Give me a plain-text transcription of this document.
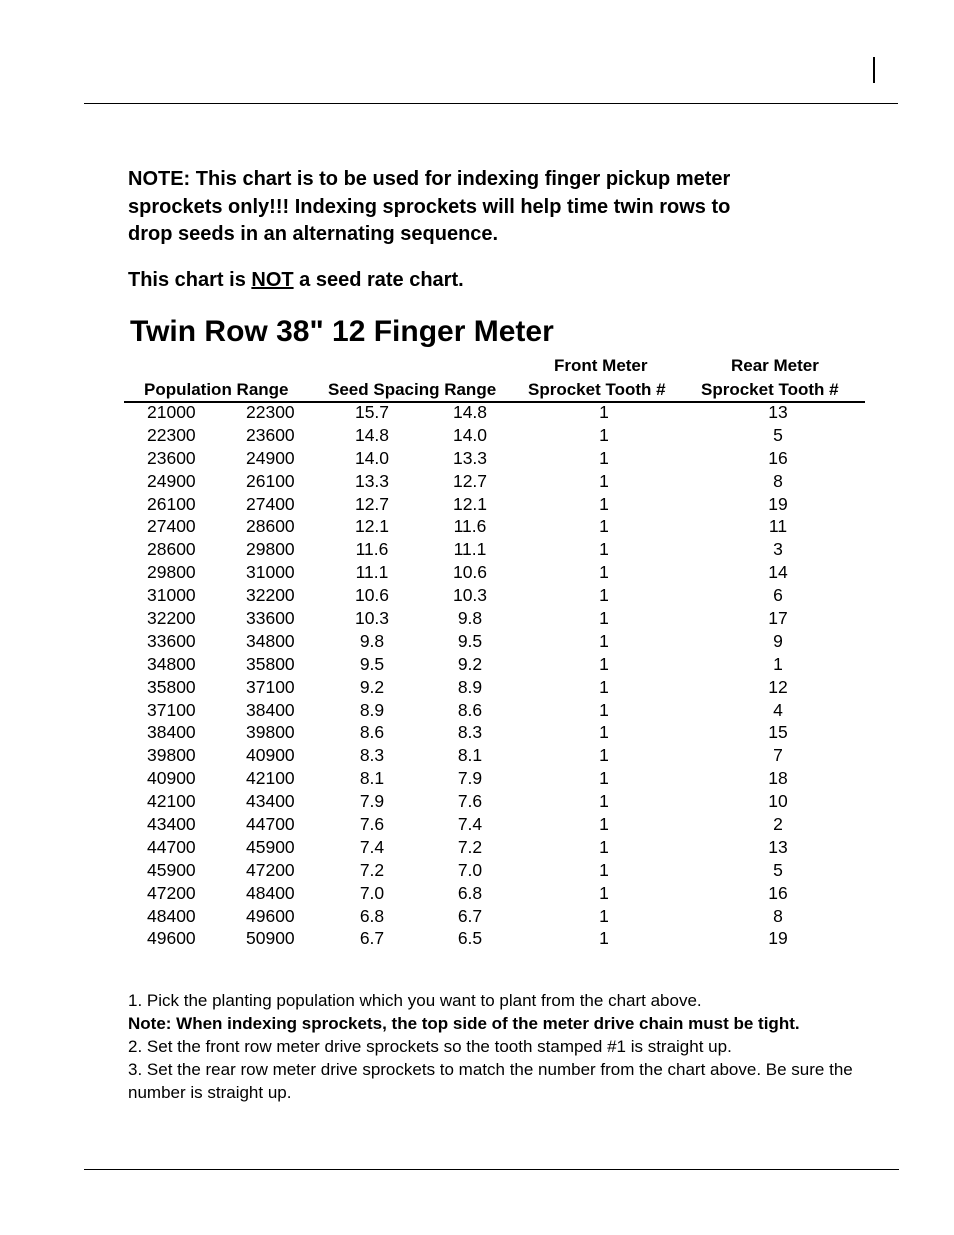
NOTE: This chart is to be used for indexing finger pickup meter
sprockets only!!! Indexing sprockets will help time twin rows to
drop seeds in an alternating sequence.
This chart is NOT a seed rate chart.
Twin Row 38" 12 Finger Meter
Population Range Seed Spacing Range
Front Meter
Sprocket Tooth #
Rear Meter
Sprocket Tooth #
21000	22300	15.7	14.8	1	13
22300	23600	14.8	14.0	1	5
23600	24900	14.0	13.3	1	16
24900	26100	13.3	12.7	1	8
26100	27400	12.7	12.1	1	19
27400	28600	12.1	11.6	1	11
28600	29800	11.6	11.1	1	3
29800	31000	11.1	10.6	1	14
31000	32200	10.6	10.3	1	6
32200	33600	10.3	9.8	1	17
33600	34800	9.8	9.5	1	9
34800	35800	9.5	9.2	1	1
35800	37100	9.2	8.9	1	12
37100	38400	8.9	8.6	1	4
38400	39800	8.6	8.3	1	15
39800	40900	8.3	8.1	1	7
40900	42100	8.1	7.9	1	18
42100	43400	7.9	7.6	1	10
43400	44700	7.6	7.4	1	2
44700	45900	7.4	7.2	1	13
45900	47200	7.2	7.0	1	5
47200	48400	7.0	6.8	1	16
48400	49600	6.8	6.7	1	8
49600	50900	6.7	6.5	1	19

1. Pick the planting population which you want to plant from the chart above.

Note: When indexing sprockets, the top side of the meter drive chain must be tight.

2. Set the front row meter drive sprockets so the tooth stamped #1 is straight up.

3. Set the rear row meter drive sprockets to match the number from the chart above. Be sure the number is straight up.
